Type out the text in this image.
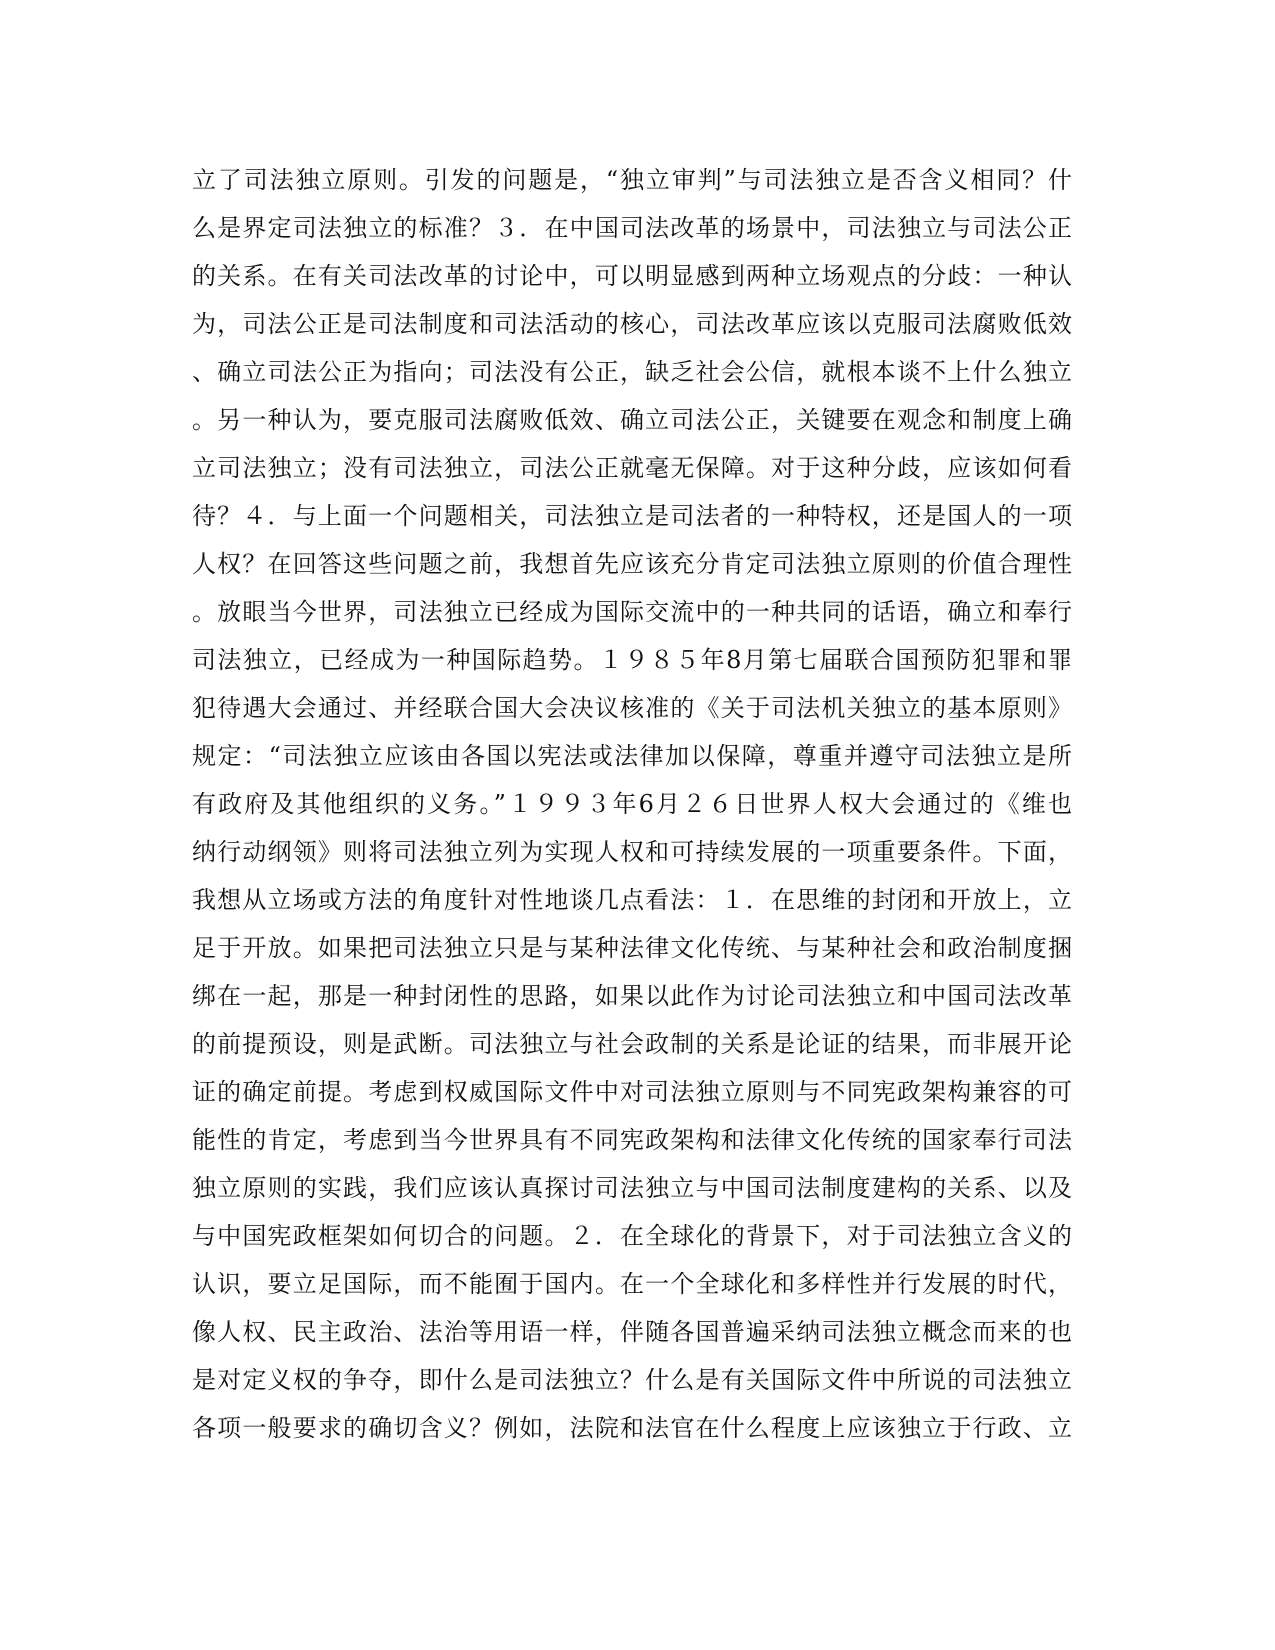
立了司法独立原则。引发的问题是，“独立审判”与司法独立是否含义相同？什
么是界定司法独立的标准？３．在中国司法改革的场景中，司法独立与司法公正
的关系。在有关司法改革的讨论中，可以明显感到两种立场观点的分歧：一种认
为，司法公正是司法制度和司法活动的核心，司法改革应该以克服司法腐败低效
、确立司法公正为指向；司法没有公正，缺乏社会公信，就根本谈不上什么独立
。另一种认为，要克服司法腐败低效、确立司法公正，关键要在观念和制度上确
立司法独立；没有司法独立，司法公正就毫无保障。对于这种分歧，应该如何看
待？４．与上面一个问题相关，司法独立是司法者的一种特权，还是国人的一项
人权？在回答这些问题之前，我想首先应该充分肯定司法独立原则的价值合理性
。放眼当今世界，司法独立已经成为国际交流中的一种共同的话语，确立和奉行
司法独立，已经成为一种国际趋势。１９８５年8月第七届联合国预防犯罪和罪
犯待遇大会通过、并经联合国大会决议核准的《关于司法机关独立的基本原则》
规定：“司法独立应该由各国以宪法或法律加以保障，尊重并遵守司法独立是所
有政府及其他组织的义务。”１９９３年6月２６日世界人权大会通过的《维也
纳行动纲领》则将司法独立列为实现人权和可持续发展的一项重要条件。下面，
我想从立场或方法的角度针对性地谈几点看法：１．在思维的封闭和开放上，立
足于开放。如果把司法独立只是与某种法律文化传统、与某种社会和政治制度捆
绑在一起，那是一种封闭性的思路，如果以此作为讨论司法独立和中国司法改革
的前提预设，则是武断。司法独立与社会政制的关系是论证的结果，而非展开论
证的确定前提。考虑到权威国际文件中对司法独立原则与不同宪政架构兼容的可
能性的肯定，考虑到当今世界具有不同宪政架构和法律文化传统的国家奉行司法
独立原则的实践，我们应该认真探讨司法独立与中国司法制度建构的关系、以及
与中国宪政框架如何切合的问题。２．在全球化的背景下，对于司法独立含义的
认识，要立足国际，而不能囿于国内。在一个全球化和多样性并行发展的时代，
像人权、民主政治、法治等用语一样，伴随各国普遍采纳司法独立概念而来的也
是对定义权的争夺，即什么是司法独立？什么是有关国际文件中所说的司法独立
各项一般要求的确切含义？例如，法院和法官在什么程度上应该独立于行政、立
